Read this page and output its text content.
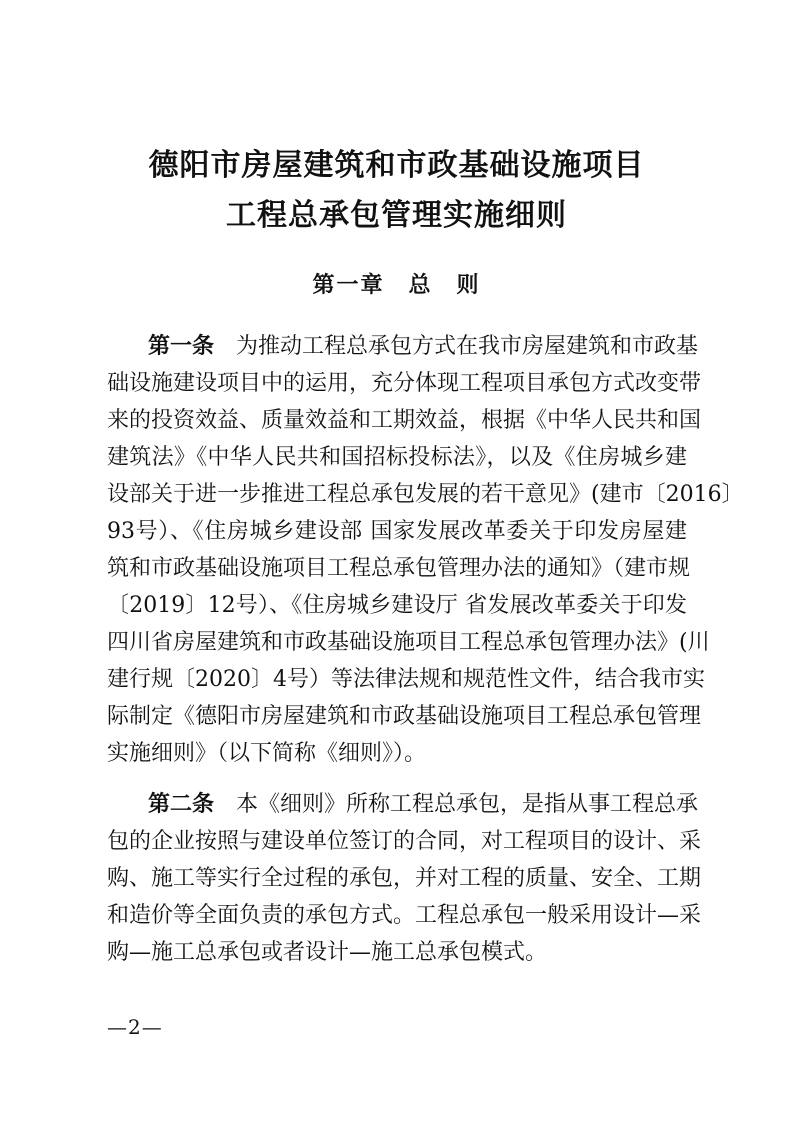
德阳市房屋建筑和市政基础设施项目
工程总承包管理实施细则
第一章　总　则
第一条　为推动工程总承包方式在我市房屋建筑和市政基
础设施建设项目中的运用，充分体现工程项目承包方式改变带
来的投资效益、质量效益和工期效益，根据《中华人民共和国
建筑法》《中华人民共和国招标投标法》，以及《住房城乡建
设部关于进一步推进工程总承包发展的若干意见》(建市〔2016〕
93号）、《住房城乡建设部 国家发展改革委关于印发房屋建
筑和市政基础设施项目工程总承包管理办法的通知》（建市规
〔2019〕12号）、《住房城乡建设厅 省发展改革委关于印发
四川省房屋建筑和市政基础设施项目工程总承包管理办法》(川
建行规〔2020〕4号）等法律法规和规范性文件，结合我市实
际制定《德阳市房屋建筑和市政基础设施项目工程总承包管理
实施细则》（以下简称《细则》）。
第二条　本《细则》所称工程总承包，是指从事工程总承
包的企业按照与建设单位签订的合同，对工程项目的设计、采
购、施工等实行全过程的承包，并对工程的质量、安全、工期
和造价等全面负责的承包方式。工程总承包一般采用设计—采
购—施工总承包或者设计—施工总承包模式。
—2—
